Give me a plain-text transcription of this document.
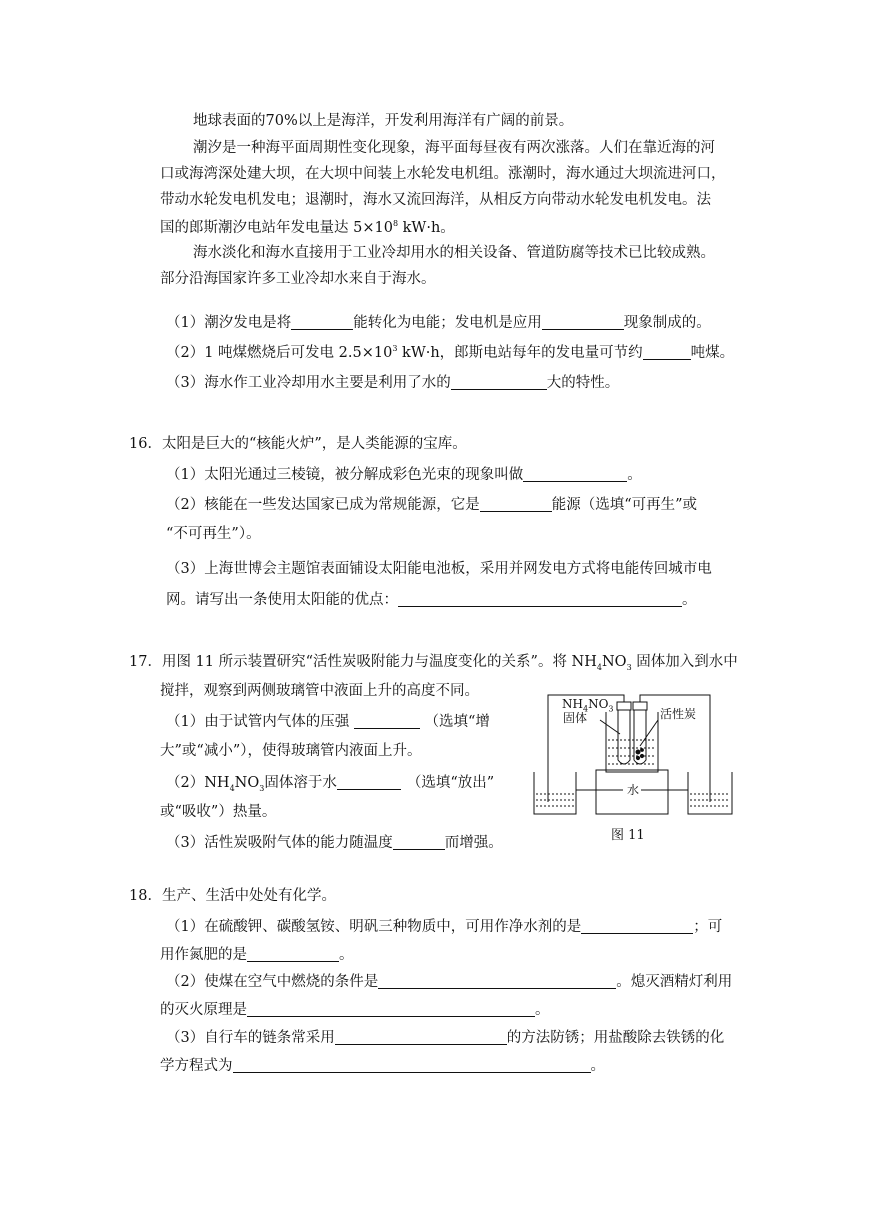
地球表面的70%以上是海洋，开发利用海洋有广阔的前景。
潮汐是一种海平面周期性变化现象，海平面每昼夜有两次涨落。人们在靠近海的河
口或海湾深处建大坝，在大坝中间装上水轮发电机组。涨潮时，海水通过大坝流进河口，
带动水轮发电机发电；退潮时，海水又流回海洋，从相反方向带动水轮发电机发电。法
国的郎斯潮汐电站年发电量达 $5\times 10^8$ kW·h。
海水淡化和海水直接用于工业冷却用水的相关设备、管道防腐等技术已比较成熟。
部分沿海国家许多工业冷却水来自于海水。
（1）潮汐发电是将	能转化为电能；发电机是应用	现象制成的。
（2）1 吨煤燃烧后可发电 $2.5\times 10^3$ kW·h，郎斯电站每年的发电量可节约	吨煤。
（3）海水作工业冷却用水主要是利用了水的	大的特性。
16．太阳是巨大的“核能火炉”，是人类能源的宝库。
（1）太阳光通过三棱镜，被分解成彩色光束的现象叫做	。
（2）核能在一些发达国家已成为常规能源，它是	能源（选填“可再生”或
“不可再生”）。
（3）上海世博会主题馆表面铺设太阳能电池板，采用并网发电方式将电能传回城市电
网。请写出一条使用太阳能的优点：	。
17．用图 11 所示装置研究“活性炭吸附能力与温度变化的关系”。将 $NH_4NO_3$ 固体加入到水中
搅拌，观察到两侧玻璃管中液面上升的高度不同。
（1）由于试管内气体的压强	（选填“增
大”或“减小”），使得玻璃管内液面上升。
$(2)NH_4NO_3$固体溶于水	（选填“放出”
或“吸收”）热量。
（3）活性炭吸附气体的能力随温度	而增强。
$NH_4NO_3$
固体	活性炭
水
图 11
18．生产、生活中处处有化学。
（1）在硫酸钾、碳酸氢铵、明矾三种物质中，可用作净水剂的是	；可
用作氮肥的是	。
（2）使煤在空气中燃烧的条件是	。熄灭酒精灯利用
的灭火原理是	。
（3）自行车的链条常采用	的方法防锈；用盐酸除去铁锈的化
学方程式为	。
